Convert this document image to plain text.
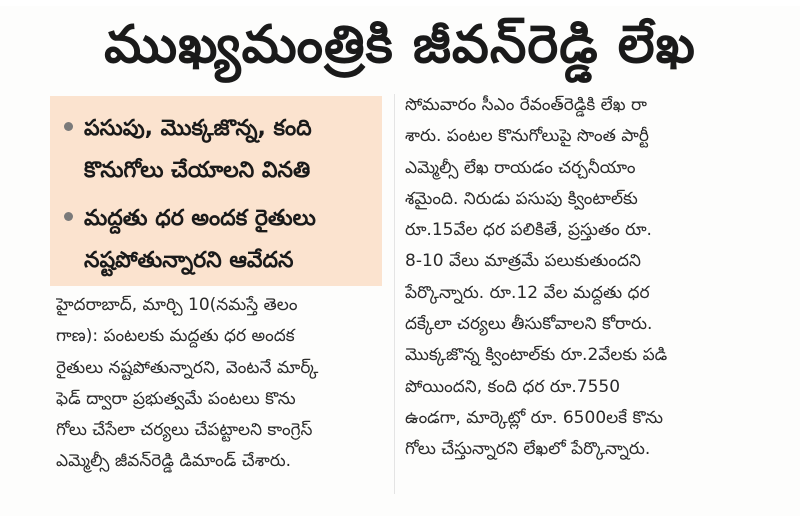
ముఖ్యమంత్రికి జీవన్‌రెడ్డి లేఖ
పసుపు, మొక్కజొన్న, కంది
కొనుగోలు చేయాలని వినతి
మద్దతు ధర అందక రైతులు
నష్టపోతున్నారని ఆవేదన
హైదరాబాద్, మార్చి 10(నమస్తే తెలం
గాణ): పంటలకు మద్దతు ధర అందక
రైతులు నష్టపోతున్నారని, వెంటనే మార్క్
ఫెడ్ ద్వారా ప్రభుత్వమే పంటలు కొను
గోలు చేసేలా చర్యలు చేపట్టాలని కాంగ్రెస్
ఎమ్మెల్సీ జీవన్‌రెడ్డి డిమాండ్ చేశారు.
సోమవారం సీఎం రేవంత్‌రెడ్డికి లేఖ రా
శారు. పంటల కొనుగోలుపై సొంత పార్టీ
ఎమ్మెల్సీ లేఖ రాయడం చర్చనీయాం
శమైంది. నిరుడు పసుపు క్వింటాల్‌కు
రూ.15వేల ధర పలికితే, ప్రస్తుతం రూ.
8-10 వేలు మాత్రమే పలుకుతుందని
పేర్కొన్నారు. రూ.12 వేల మద్దతు ధర
దక్కేలా చర్యలు తీసుకోవాలని కోరారు.
మొక్కజొన్న క్వింటాల్‌కు రూ.2వేలకు పడి
పోయిందని, కంది ధర రూ.7550
ఉండగా, మార్కెట్లో రూ. 6500లకే కొను
గోలు చేస్తున్నారని లేఖలో పేర్కొన్నారు.
